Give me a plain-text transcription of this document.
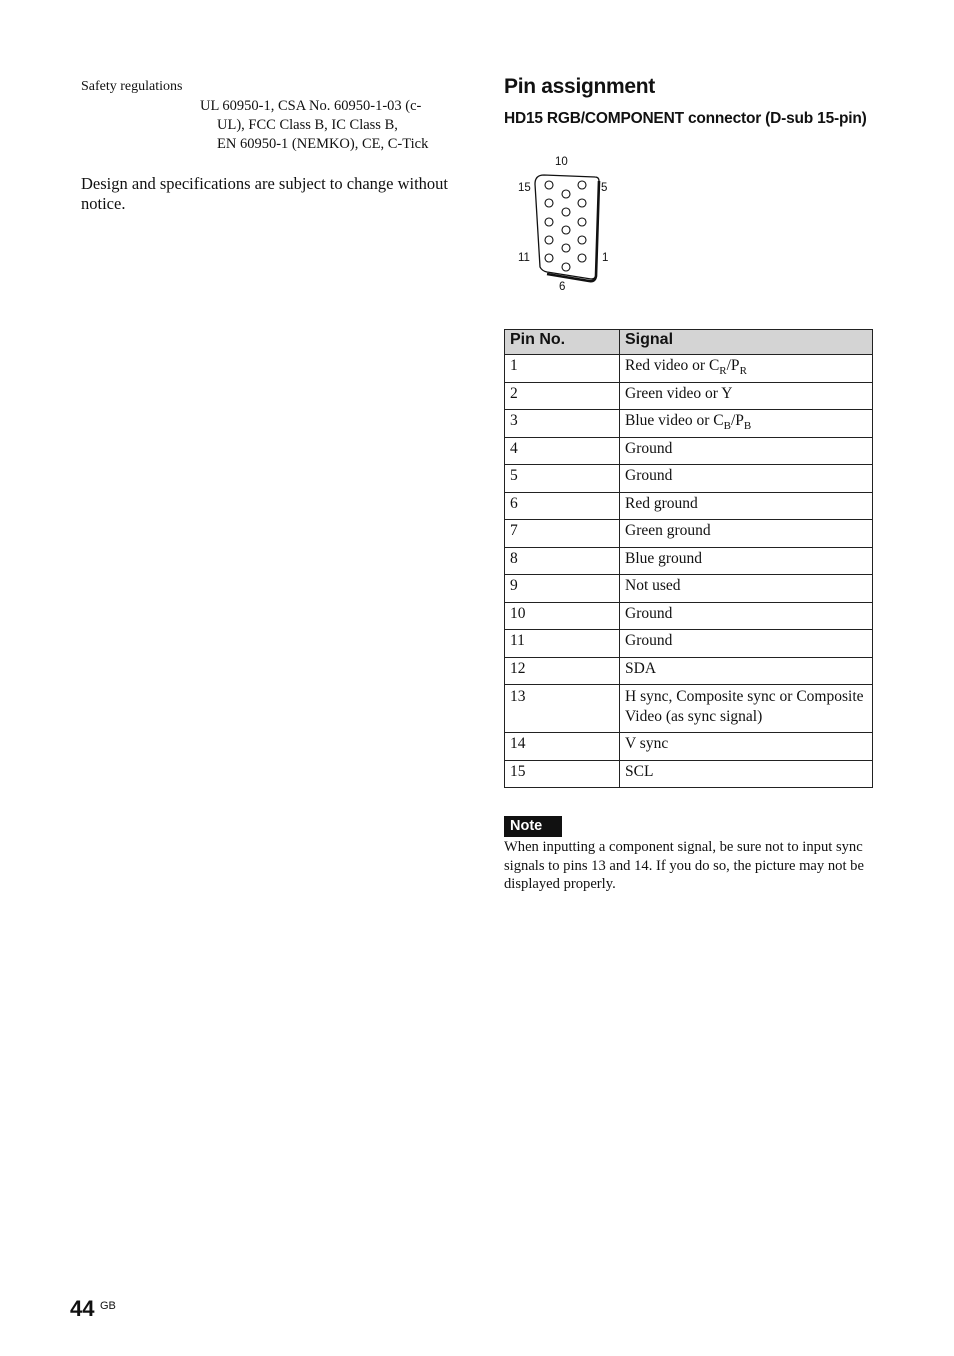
Safety regulations
UL 60950-1, CSA No. 60950-1-03 (c-
UL), FCC Class B, IC Class B,
EN 60950-1 (NEMKO), CE, C-Tick
Design and specifications are subject to change without notice.
Pin assignment
HD15 RGB/COMPONENT connector (D-sub 15-pin)
10
15	5
11	1
6
Pin No.	Signal
1	Red video or $C_R/P_R$
2	Green video or Y
3	Blue video or $C_B/P_B$
4	Ground
5	Ground
6	Red ground
7	Green ground
8	Blue ground
9	Not used
10	Ground
11	Ground
12	SDA
13	H sync, Composite sync or Composite Video (as sync signal)
14	V sync
15	SCL
Note
When inputting a component signal, be sure not to input sync signals to pins 13 and 14. If you do so, the picture may not be displayed properly.
44 GB
